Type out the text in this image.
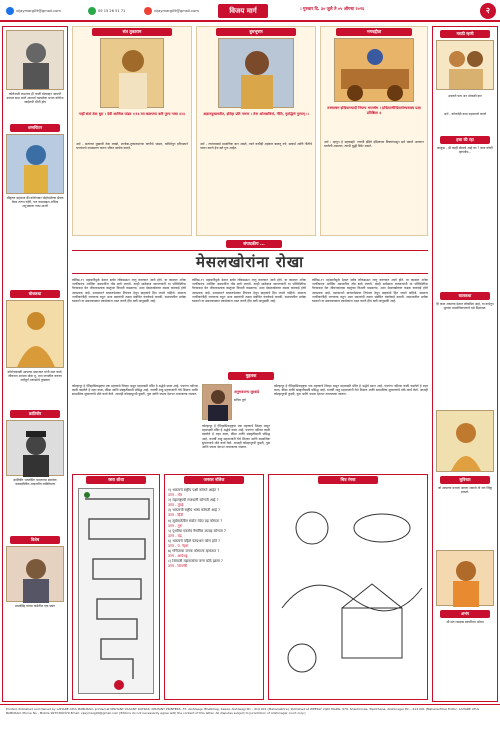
vijaymarg09@gmail.com	09 15 26 51 71	vijaymarg09@gmail.com	विजय मार्ग	। गुरुवार दि. ३० जुलै ते ०५ ऑगस्ट २०२६	२
कोरोनाशी लढताना ही गरजी प्रोत्साहन आमची दमदार सदा आले आश्चर्य गढवलेला मनात कोरोना जाईलची भीती होय
धम्मचिंतन
श्रीकृष्ण महाराज की कोरोनावर पोहोचलेल्या सेवक केला तरणा गहेरी, पण धम्माबद्दल अधिक अनुभवाला गाठा माजरे
बोधकथा
कोरोनाकाळी आपल्या समाजात यांनी सात वार्ता, जीवनात आपला मोठा तू, तथा जगातील करुणा अर्थपूर्ण माणसांचे पुरस्कार
क्रांतिवीर
क्रांतिवीर भगतसिंग भारताच्या स्वातंत्र्य चळवळीतील आदरणीय व्यक्तिमत्त्व
विशेष
उधमसिंह यांच्या कथेतील एक प्रसंग
संत तुकाराम
नाहीं संतां ठेवा धुरा । देवी आणिक पांडव ।।१॥ त्या बालपणा करी पुण्य गाधा ॥२॥
अर्थ - संतांच्या मुखाची ठेवा लाखो, ज्ञानोबा-तुकारामांच्या वाणीचे भांडार, कवितेतून हरिपाठाने भगवंताचे नामस्मरण करून जीवन सार्थक करावे.
बुधभूषण
अज्ञानदुःखमतीत, इतिहा प्रति गणना । तेना ओजसविनां, नीति, नृतद्धिर्भ गुण्यम् ।।
अर्थ - ज्यांच्याकडे प्रामाणिक ज्ञान असते, त्याने कधीही अहंकार बाळगू नये; सत्कर्म आणि नीतीचे पालन करणे हेच खरे गुण आहेत.
भगवद्गीता
तस्मात्त्वम इन्द्रियाण्यादौ नियम्य भरतर्षभ । इन्द्रियाणीन्द्रियार्थेभ्यस्तस्य प्रज्ञा प्रतिष्ठिता ॥
अर्थ : म्हणून हे महाबाहो! ज्याची इंद्रिये इंद्रियांच्या विषयांपासून सर्व प्रकारे आवरून धरलेली असतात, त्याची बुद्धी स्थिर असते.
संपादकीय ...
मेसलखोरांना रोखा
कोविड-१९ महामारीमुळे देशात सर्वत्र लॉकडाऊन लागू करण्यात आले होते. या काळात अनेक नागरिकांना आर्थिक अडचणींना तोंड द्यावे लागले. काही साठेबाज व्यापाऱ्यांनी या परिस्थितीचा गैरफायदा घेत जीवनावश्यक वस्तूंच्या किमती वाढवल्या. अशा मेसलखोरांवर कडक कारवाई होणे आवश्यक आहे. प्रशासनाने बाजारपेठांवर नियंत्रण ठेवून ग्राहकांचे हित जपले पाहिजे. सामान्य नागरिकांनीही जागरूक राहून अशा प्रकारांची तक्रार संबंधित यंत्रणेकडे करावी. समाजातील प्रत्येक घटकाने या संकटकाळात एकमेकांना मदत करणे हीच खरी माणुसकी आहे.
कोविड-१९ महामारीमुळे देशात सर्वत्र लॉकडाऊन लागू करण्यात आले होते. या काळात अनेक नागरिकांना आर्थिक अडचणींना तोंड द्यावे लागले. काही साठेबाज व्यापाऱ्यांनी या परिस्थितीचा गैरफायदा घेत जीवनावश्यक वस्तूंच्या किमती वाढवल्या. अशा मेसलखोरांवर कडक कारवाई होणे आवश्यक आहे. प्रशासनाने बाजारपेठांवर नियंत्रण ठेवून ग्राहकांचे हित जपले पाहिजे. सामान्य नागरिकांनीही जागरूक राहून अशा प्रकारांची तक्रार संबंधित यंत्रणेकडे करावी. समाजातील प्रत्येक घटकाने या संकटकाळात एकमेकांना मदत करणे हीच खरी माणुसकी आहे.
कोविड-१९ महामारीमुळे देशात सर्वत्र लॉकडाऊन लागू करण्यात आले होते. या काळात अनेक नागरिकांना आर्थिक अडचणींना तोंड द्यावे लागले. काही साठेबाज व्यापाऱ्यांनी या परिस्थितीचा गैरफायदा घेत जीवनावश्यक वस्तूंच्या किमती वाढवल्या. अशा मेसलखोरांवर कडक कारवाई होणे आवश्यक आहे. प्रशासनाने बाजारपेठांवर नियंत्रण ठेवून ग्राहकांचे हित जपले पाहिजे. सामान्य नागरिकांनीही जागरूक राहून अशा प्रकारांची तक्रार संबंधित यंत्रणेकडे करावी. समाजातील प्रत्येक घटकाने या संकटकाळात एकमेकांना मदत करणे हीच खरी माणुसकी आहे.
मुद्दलक
कोल्हापूर हे ऐतिहासिकदृष्ट्या एक महत्त्वाचे जिल्हा असून महालक्ष्मी मंदिर हे श्रद्धेचे स्थान आहे. पंचगंगा नदीच्या काठी वसलेले हे शहर कला, क्रीडा आणि संस्कृतीसाठी प्रसिद्ध आहे. राजर्षी शाहू महाराजांनी येथे शिक्षण आणि सामाजिक सुधारणांचे मोठे कार्य केले. आजही कोल्हापूरची कुस्ती, गूळ आणि चपला देशभर नावाजल्या जातात.
अनुभवजन्य सुरवाडे
सचिव पुणे
कोल्हापूर हे ऐतिहासिकदृष्ट्या एक महत्त्वाचे जिल्हा असून महालक्ष्मी मंदिर हे श्रद्धेचे स्थान आहे. पंचगंगा नदीच्या काठी वसलेले हे शहर कला, क्रीडा आणि संस्कृतीसाठी प्रसिद्ध आहे. राजर्षी शाहू महाराजांनी येथे शिक्षण आणि सामाजिक सुधारणांचे मोठे कार्य केले. आजही कोल्हापूरची कुस्ती, गूळ आणि चपला देशभर नावाजल्या जातात.
कोल्हापूर हे ऐतिहासिकदृष्ट्या एक महत्त्वाचे जिल्हा असून महालक्ष्मी मंदिर हे श्रद्धेचे स्थान आहे. पंचगंगा नदीच्या काठी वसलेले हे शहर कला, क्रीडा आणि संस्कृतीसाठी प्रसिद्ध आहे. राजर्षी शाहू महाराजांनी येथे शिक्षण आणि सामाजिक सुधारणांचे मोठे कार्य केले. आजही कोल्हापूरची कुस्ती, गूळ आणि चपला देशभर नावाजल्या जातात.
रस्ता शोधा	जनरल नॉलेज
१) भारताचे राष्ट्रीय पक्षी कोणते आहेत ?
उत्तर - मोर
२) महाराष्ट्राची राजधानी कोणती आहे ?
उत्तर - मुंबई
३) भारताची राष्ट्रीय भाषा कोणती आहे ?
उत्तर - हिंदी
४) सूर्यमालेतील सर्वात मोठा ग्रह कोणता ?
उत्तर - गुरू
५) पृथ्वीचा एकमेव नैसर्गिक उपग्रह कोणता ?
उत्तर - चंद्र
६) भारताचे पहिले पंतप्रधान कोण होते ?
उत्तर - पं. नेहरू
७) गणिताचा जनक कोणाला म्हणतात ?
उत्तर - आर्यभट्ट
८) शिवाजी महाराजांचा जन्म कोठे झाला ?
उत्तर - शिवनेरी
चित्र रंगवा
मराठी म्हणी
उचलले पाय अन मोकळी वाट
अर्थ - कोणतेही काम सहजपणे करणे
हसा की रहा
बाजूचा - मी काही बोलतो आहे का ? काय कोणी म्हणतोय...
बालकथा
हि कथा आपल्या देशात लोकप्रिय आहे, या कथेतून मुलांना प्रामाणिकपणाचे धडे मिळतात.
सुविचार
जो आपल्या मनाला आवरू शकतो तो जग जिंकू शकतो.
अभंग
श्री संत रामदास स्वामींच्या ओव्या
Printed, Published and Owned by LAHARE ATUL BABURAO, printed at NISHANT VASANT DATRAK, NISHANT PRINTERS, 37, Alshiwagi, Bhatkhag, Sawal, Alshiwagi Pin - 414 001 (Maharashtra). Published at WEEKLY VIJAY MARG, 979, Shantinivas, Tophkhana, Alishinagar Pin - 414 001 (Maharashtra) Editor: LAHARE ATUL BABURAO. Phone No - Mobile 9975369379 Email: vijaymarg09@gmail.com [Editors do not necessarily agree with the content of this letter. All disputes subject to Jurisdiction of Alishinagar court only.]
